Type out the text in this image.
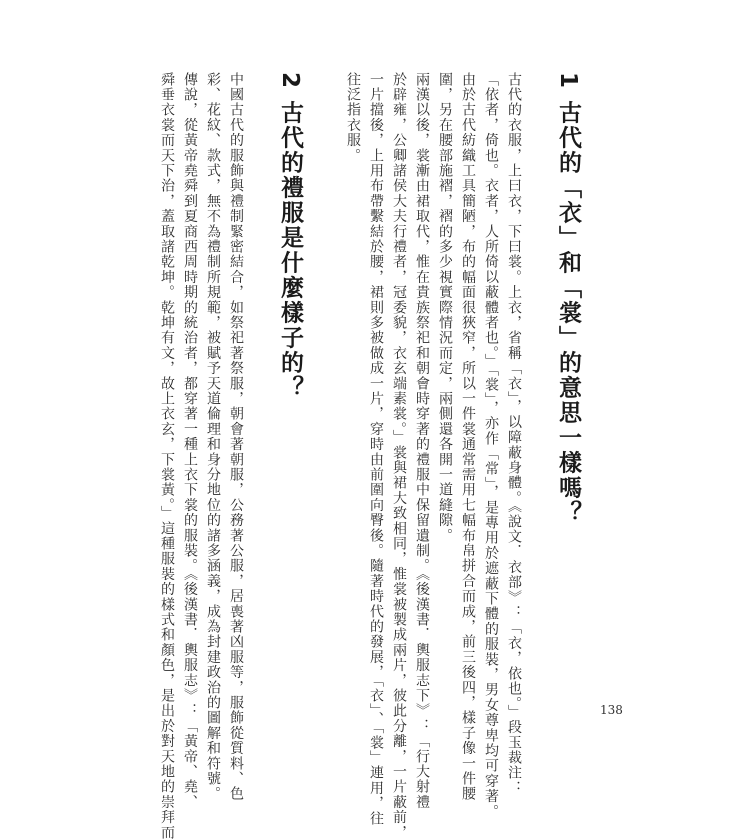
1 古代的「衣」和「裳」的意思一樣嗎？
古代的衣服，上曰衣，下曰裳。上衣，省稱「衣」，以障蔽身體。《說文．衣部》：「衣，依也。」段玉裁注：
「依者，倚也。衣者，人所倚以蔽體者也。」「裳」，亦作「常」，是專用於遮蔽下體的服裝，男女尊卑均可穿著。
由於古代紡織工具簡陋，布的幅面很狹窄，所以一件裳通常需用七幅布帛拼合而成，前三後四，樣子像一件腰
圍，另在腰部施褶，褶的多少視實際情況而定，兩側還各開一道縫隙。
兩漢以後，裳漸由裙取代，惟在貴族祭祀和朝會時穿著的禮服中保留遺制。《後漢書．輿服志下》：「行大射禮
於辟雍，公卿諸侯大夫行禮者，冠委貌，衣玄端素裳。」裳與裙大致相同，惟裳被製成兩片，彼此分離，一片蔽前，
一片擋後，上用布帶繫結於腰，裙則多被做成一片，穿時由前圍向臀後。隨著時代的發展，「衣」、「裳」連用，往
往泛指衣服。
2 古代的禮服是什麼樣子的？
中國古代的服飾與禮制緊密結合，如祭祀著祭服，朝會著朝服，公務著公服，居喪著凶服等，服飾從質料、色
彩、花紋、款式，無不為禮制所規範，被賦予天道倫理和身分地位的諸多涵義，成為封建政治的圖解和符號。
傳說，從黃帝堯舜到夏商西周時期的統治者，都穿著一種上衣下裳的服裝。《後漢書．輿服志》：「黃帝、堯、
舜垂衣裳而天下治，蓋取諸乾坤。乾坤有文，故上衣玄，下裳黃。」這種服裝的樣式和顏色，是出於對天地的崇拜而	138
